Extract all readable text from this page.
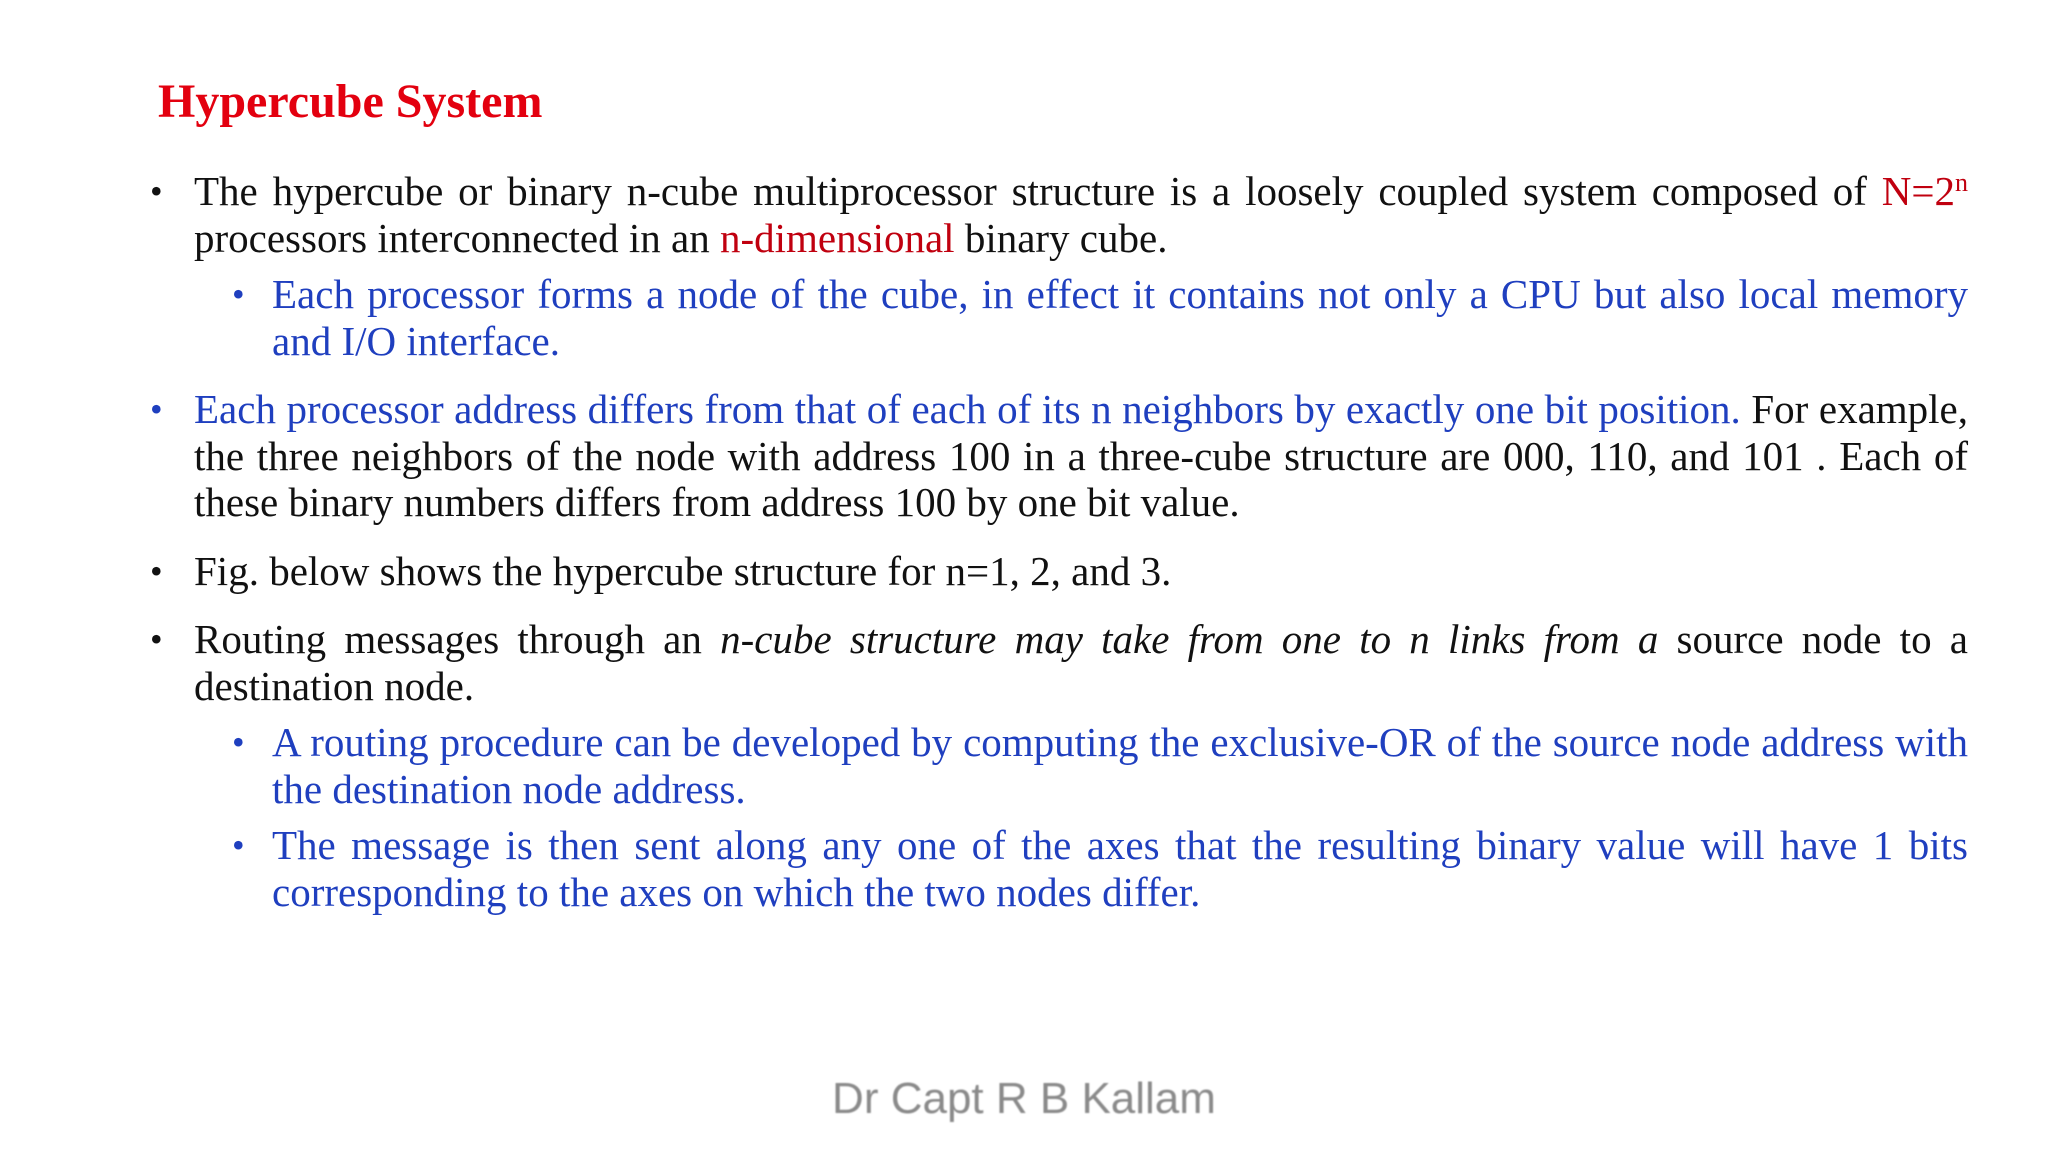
Hypercube System
• The hypercube or binary n-cube multiprocessor structure is a loosely coupled system composed of $N=2^n$ processors interconnected in an n-dimensional binary cube.
• Each processor forms a node of the cube, in effect it contains not only a CPU but also local memory and I/O interface.
• Each processor address differs from that of each of its n neighbors by exactly one bit position. For example, the three neighbors of the node with address 100 in a three-cube structure are 000, 110, and 101 . Each of these binary numbers differs from address 100 by one bit value.
• Fig. below shows the hypercube structure for n=1, 2, and 3.
• Routing messages through an n-cube structure may take from one to n links from a source node to a destination node.
• A routing procedure can be developed by computing the exclusive-OR of the source node address with the destination node address.
• The message is then sent along any one of the axes that the resulting binary value will have 1 bits corresponding to the axes on which the two nodes differ.
Dr Capt R B Kallam
